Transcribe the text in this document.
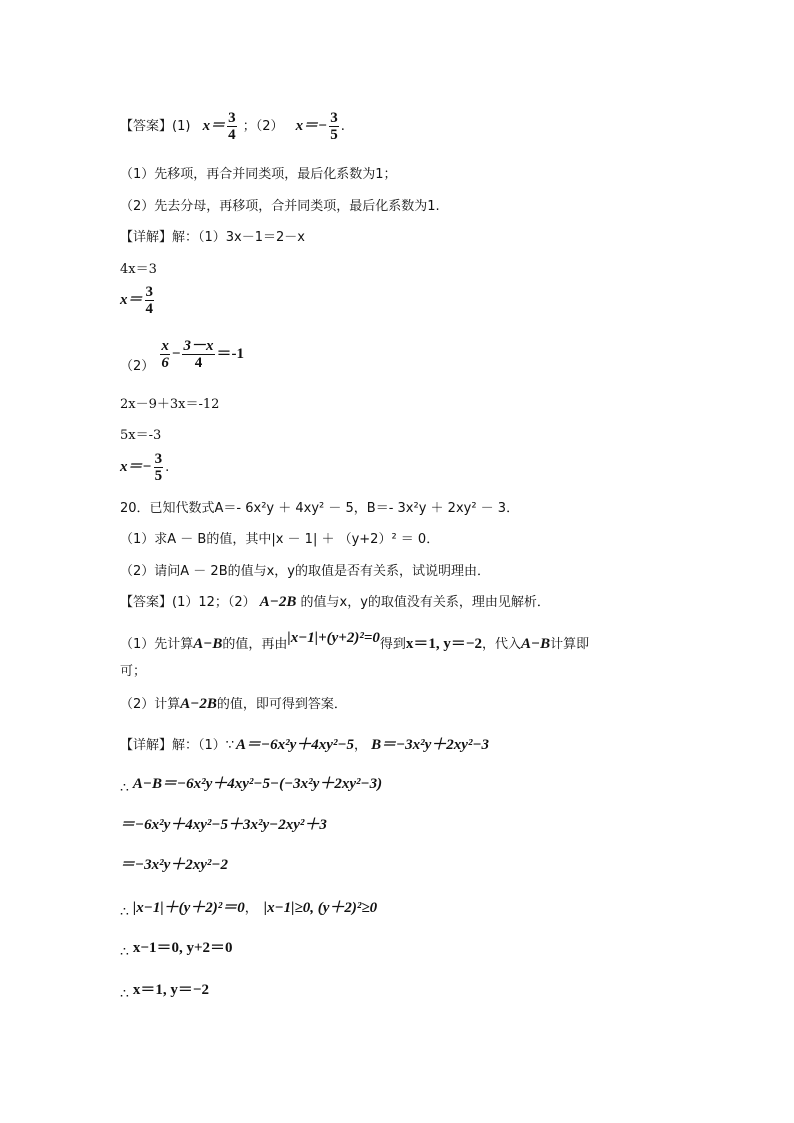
【答案】(1) $x= \frac{3}{4}$ ；（2） $x=- \frac{3}{5}$ .
（1）先移项，再合并同类项，最后化系数为1；
（2）先去分母，再移项，合并同类项，最后化系数为1.
【详解】解：（1）3x－1＝2－x
4x＝3
$x= \frac{3}{4}$
$(2) \frac{x}{6} - \frac{3-x}{4} =-1$
2x－9＋3x＝-12
5x＝-3
$x=- \frac{3}{5}$ .
20．已知代数式A＝- 6x²y ＋ 4xy² － 5，B＝- 3x²y ＋ 2xy² － 3．
（1）求A － B的值，其中|x － 1| ＋ （y+2）² ＝ 0．
（2）请问A － 2B的值与x，y的取值是否有关系，试说明理由．
【答案】(1）12；（2） A−2B 的值与x，y的取值没有关系，理由见解析．
（1）先计算A−B的值，再由|x−1|+(y+2)²=0得到x＝1, y＝−2，代入A−B计算即
可；
（2）计算A−2B的值，即可得到答案．
【详解】解：（1）∵ A＝−6x²y＋4xy²−5， B＝−3x²y＋2xy²−3
∴ A−B＝−6x²y＋4xy²−5−(−3x²y＋2xy²−3)
＝−6x²y＋4xy²−5＋3x²y−2xy²＋3
＝−3x²y＋2xy²−2
∴ |x−1|＋(y＋2)²＝0， |x−1|≥0, (y＋2)²≥0
∴ x−1＝0, y+2＝0
∴ x＝1, y＝−2
